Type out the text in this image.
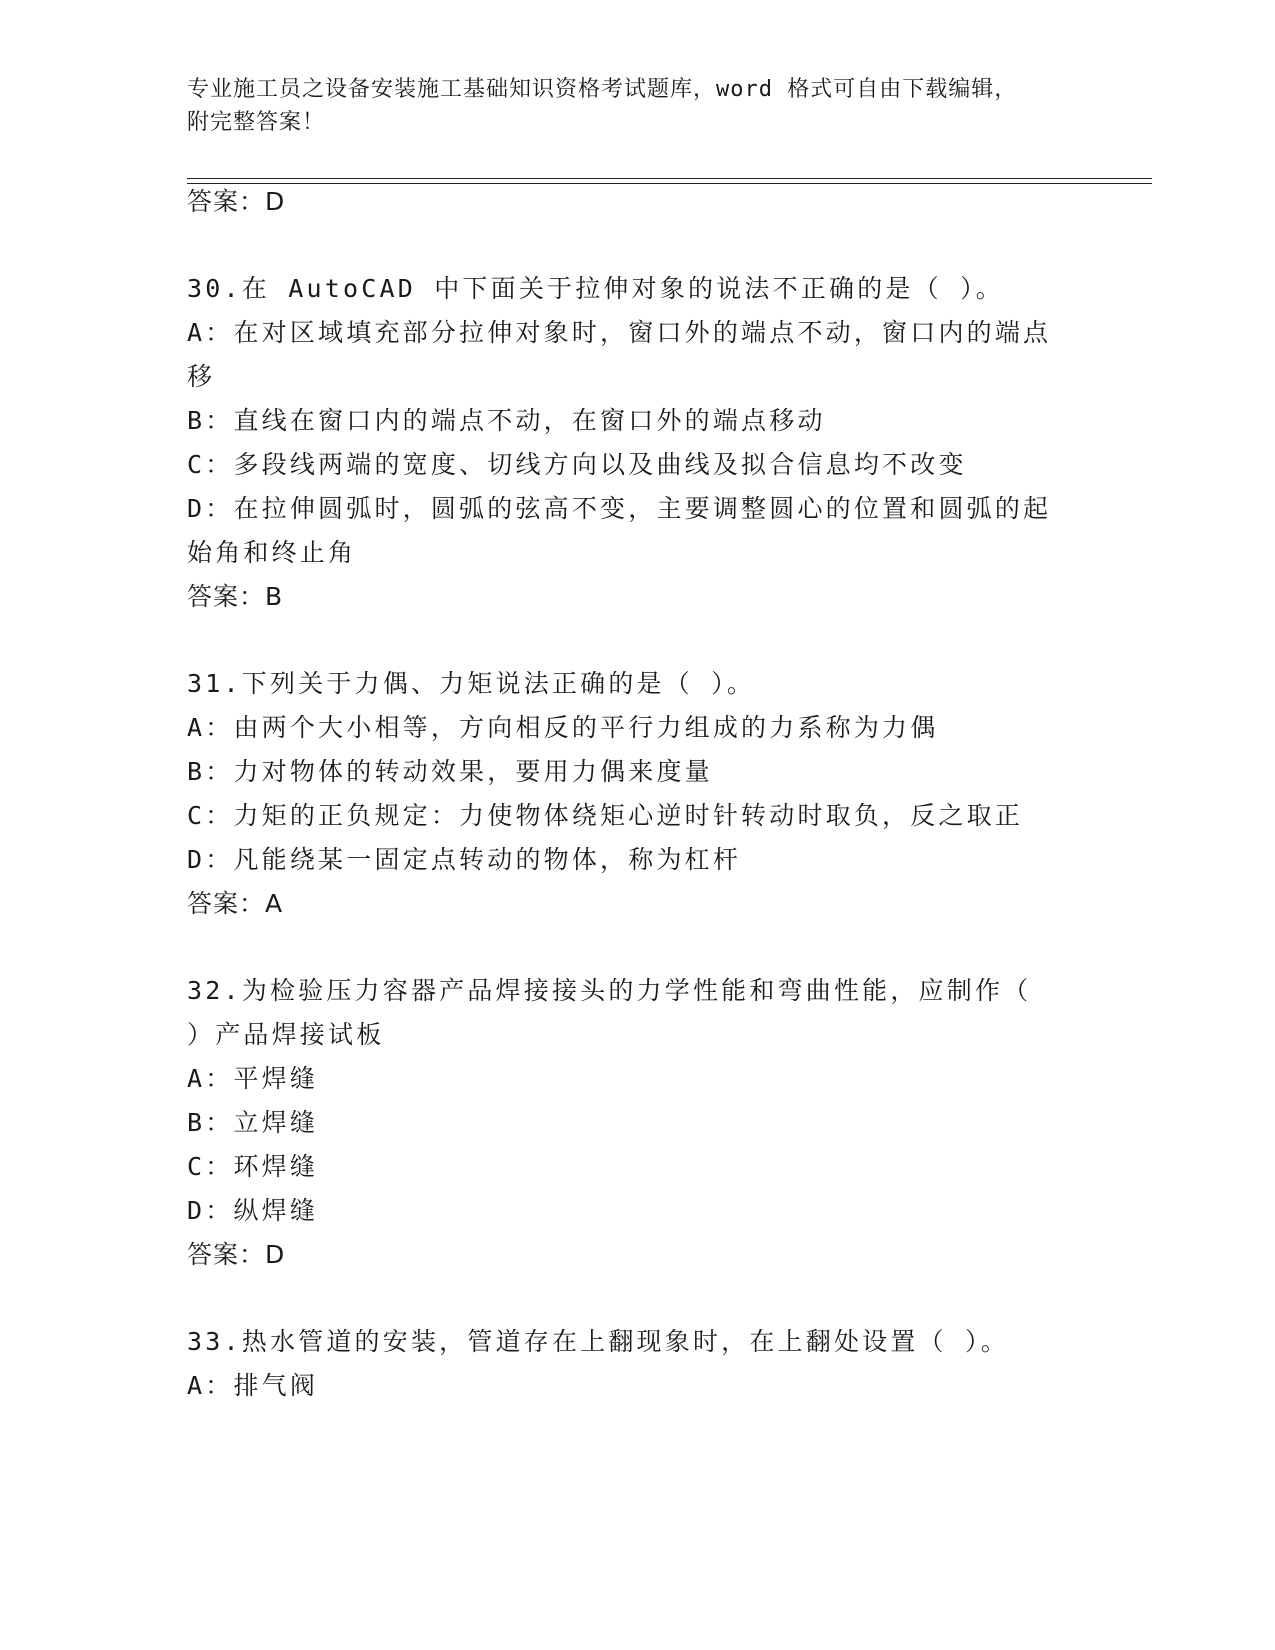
专业施工员之设备安装施工基础知识资格考试题库，word 格式可自由下载编辑，
附完整答案！
答案：D
30.在 AutoCAD 中下面关于拉伸对象的说法不正确的是（ ）。
A：在对区域填充部分拉伸对象时，窗口外的端点不动，窗口内的端点
移
B：直线在窗口内的端点不动，在窗口外的端点移动
C：多段线两端的宽度、切线方向以及曲线及拟合信息均不改变
D：在拉伸圆弧时，圆弧的弦高不变，主要调整圆心的位置和圆弧的起
始角和终止角
答案：B
31.下列关于力偶、力矩说法正确的是（ ）。
A：由两个大小相等，方向相反的平行力组成的力系称为力偶
B：力对物体的转动效果，要用力偶来度量
C：力矩的正负规定：力使物体绕矩心逆时针转动时取负，反之取正
D：凡能绕某一固定点转动的物体，称为杠杆
答案：A
32.为检验压力容器产品焊接接头的力学性能和弯曲性能，应制作（
）产品焊接试板
A：平焊缝
B：立焊缝
C：环焊缝
D：纵焊缝
答案：D
33.热水管道的安装，管道存在上翻现象时，在上翻处设置（ ）。
A：排气阀
